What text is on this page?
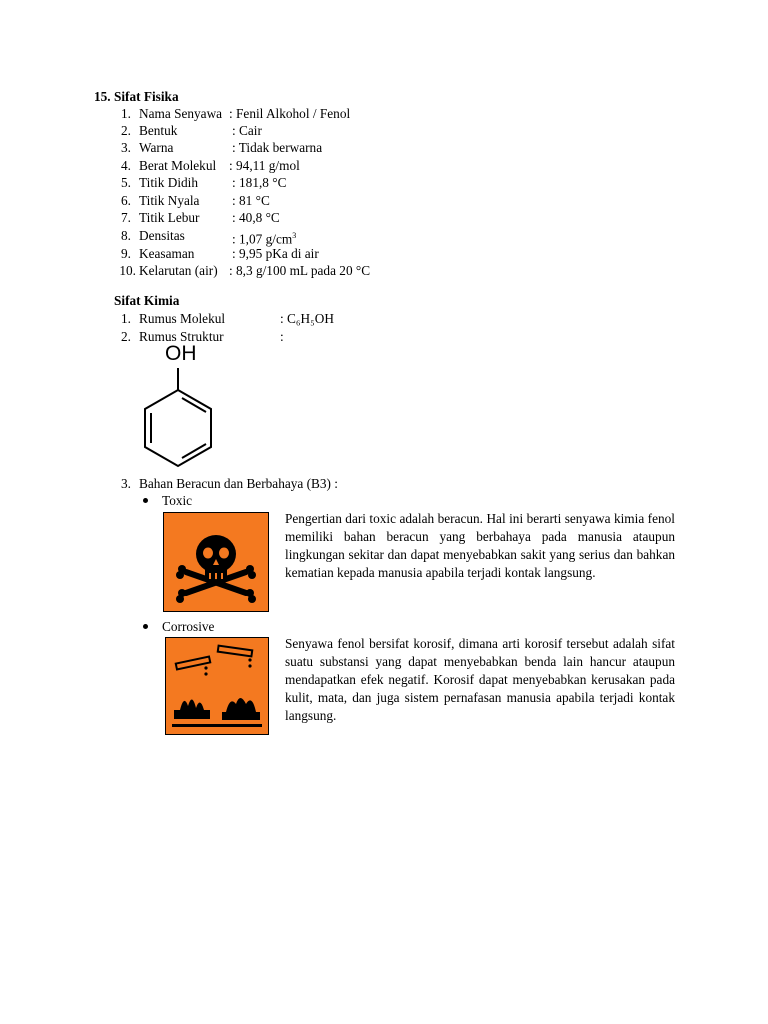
15. Sifat Fisika
1. Nama Senyawa : Fenil Alkohol / Fenol
2. Bentuk	: Cair
3. Warna	: Tidak berwarna
4. Berat Molekul : 94,11 g/mol
5. Titik Didih	: 181,8 °C
6. Titik Nyala : 81 °C
7. Titik Lebur : 40,8 °C
8. Densitas	: 1,07 $g/cm^3$
9. Keasaman	: 9,95 pKa di air
10. Kelarutan (air) : 8,3 g/100 mL pada 20 °C
Sifat Kimia
1. Rumus Molekul	: C₆H₅OH
2. Rumus Struktur	:
OH
3. Bahan Beracun dan Berbahaya (B3) :
Toxic
Pengertian dari toxic adalah beracun. Hal ini berarti senyawa kimia fenol memiliki bahan beracun yang berbahaya pada manusia ataupun lingkungan sekitar dan dapat menyebabkan sakit yang serius dan bahkan kematian kepada manusia apabila terjadi kontak langsung.
Corrosive
Senyawa fenol bersifat korosif, dimana arti korosif tersebut adalah sifat suatu substansi yang dapat menyebabkan benda lain hancur ataupun mendapatkan efek negatif. Korosif dapat menyebabkan kerusakan pada kulit, mata, dan juga sistem pernafasan manusia apabila terjadi kontak langsung.
